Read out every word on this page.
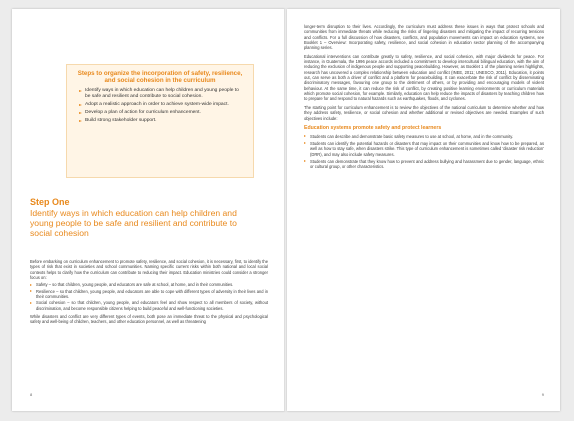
Steps to organize the incorporation of safety, resilience, and social cohesion in the curriculum
Identify ways in which education can help children and young people to be safe and resilient and contribute to social cohesion.
Adopt a realistic approach in order to achieve system-wide impact.
Develop a plan of action for curriculum enhancement.
Build strong stakeholder support.
Step One
Identify ways in which education can help children and young people to be safe and resilient and contribute to social cohesion

Before embarking on curriculum enhancement to promote safety, resilience, and social cohesion, it is necessary, first, to identify the types of risk that exist in societies and school communities. Naming specific current risks within both national and local social contexts helps to clarify how the curriculum can contribute to reducing their impact. Education ministries could consider a stronger focus on:

Safety – so that children, young people, and educators are safe at school, at home, and in their communities.
Resilience – so that children, young people, and educators are able to cope with different types of adversity in their lives and in their communities.
Social cohesion – so that children, young people, and educators feel and show respect to all members of society, without discrimination, and become responsible citizens helping to build peaceful and well-functioning societies.

While disasters and conflict are very different types of events, both pose an immediate threat to the physical and psychological safety and well-being of children, teachers, and other education personnel, as well as threatening

8

longer-term disruption to their lives. Accordingly, the curriculum must address these issues in ways that protect schools and communities from immediate threats while reducing the risks of lingering disasters and mitigating the impact of recurring tensions and conflicts. For a full discussion of how disasters, conflicts, and population movements can impact on education systems, see Booklet 1 – Overview: Incorporating safety, resilience, and social cohesion in education sector planning of the accompanying planning series.

Educational interventions can contribute greatly to safety, resilience, and social cohesion, with major dividends for peace. For instance, in Guatemala, the 1996 peace accords included a commitment to develop intercultural bilingual education, with the aim of reducing the exclusion of indigenous people and supporting peacebuilding. However, as Booklet 1 of the planning series highlights, research has uncovered a complex relationship between education and conflict (INEE, 2011; UNESCO, 2011). Education, it points out, can serve as both a driver of conflict and a platform for peacebuilding. It can exacerbate the risk of conflict by disseminating discriminatory messages, favouring one group to the detriment of others, or by providing and encouraging models of violent behaviour. At the same time, it can reduce the risk of conflict, by creating positive learning environments or curriculum materials which promote social cohesion, for example. Similarly, education can help reduce the impacts of disasters by teaching children how to prepare for and respond to natural hazards such as earthquakes, floods, and cyclones.

The starting point for curriculum enhancement is to review the objectives of the national curriculum to determine whether and how they address safety, resilience, or social cohesion and whether additional or revised objectives are needed. Examples of such objectives include:

Education systems promote safety and protect learners
Students can describe and demonstrate basic safety measures to use at school, at home, and in the community.
Students can identify the potential hazards or disasters that may impact on their communities and know how to be prepared, as well as how to stay safe, when disasters strike. This type of curriculum enhancement is sometimes called 'disaster risk reduction' (DRR), and may also include safety measures.
Students can demonstrate that they know how to prevent and address bullying and harassment due to gender, language, ethnic or cultural group, or other characteristics.
9
